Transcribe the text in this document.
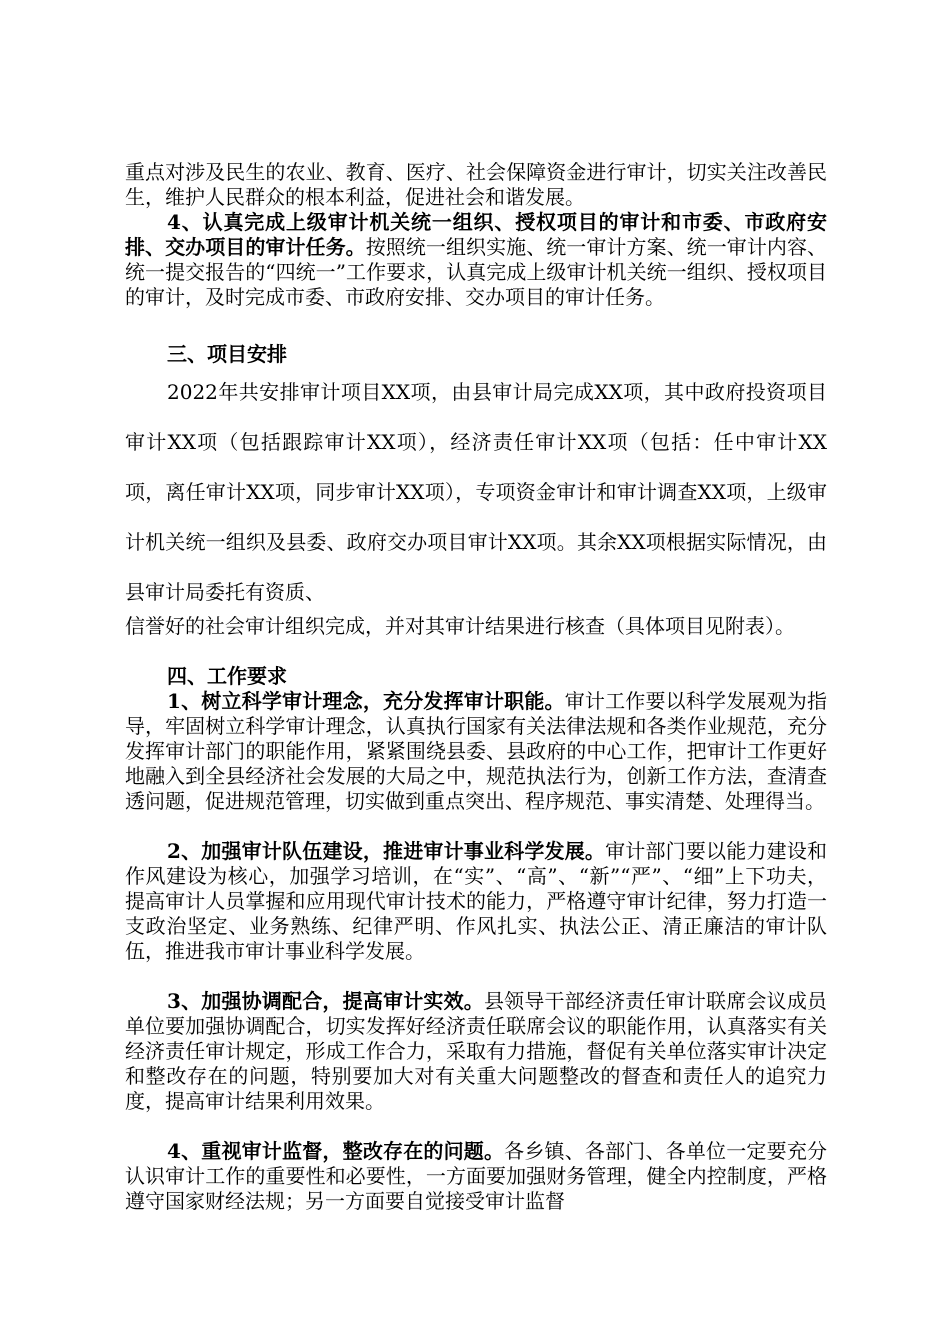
重点对涉及民生的农业、教育、医疗、社会保障资金进行审计，切实关注改善民生，维护人民群众的根本利益，促进社会和谐发展。

4、认真完成上级审计机关统一组织、授权项目的审计和市委、市政府安排、交办项目的审计任务。按照统一组织实施、统一审计方案、统一审计内容、统一提交报告的“四统一”工作要求，认真完成上级审计机关统一组织、授权项目的审计，及时完成市委、市政府安排、交办项目的审计任务。

三、项目安排

2022年共安排审计项目XX项，由县审计局完成XX项，其中政府投资项目审计XX项（包括跟踪审计XX项），经济责任审计XX项（包括：任中审计XX项，离任审计XX项，同步审计XX项），专项资金审计和审计调查XX项，上级审计机关统一组织及县委、政府交办项目审计XX项。其余XX项根据实际情况，由县审计局委托有资质、

信誉好的社会审计组织完成，并对其审计结果进行核查（具体项目见附表）。

四、工作要求

1、树立科学审计理念，充分发挥审计职能。审计工作要以科学发展观为指导，牢固树立科学审计理念，认真执行国家有关法律法规和各类作业规范，充分发挥审计部门的职能作用，紧紧围绕县委、县政府的中心工作，把审计工作更好地融入到全县经济社会发展的大局之中，规范执法行为，创新工作方法，查清查透问题，促进规范管理，切实做到重点突出、程序规范、事实清楚、处理得当。

2、加强审计队伍建设，推进审计事业科学发展。审计部门要以能力建设和作风建设为核心，加强学习培训，在“实”、“高”、“新”“严”、“细”上下功夫，提高审计人员掌握和应用现代审计技术的能力，严格遵守审计纪律，努力打造一支政治坚定、业务熟练、纪律严明、作风扎实、执法公正、清正廉洁的审计队伍，推进我市审计事业科学发展。

3、加强协调配合，提高审计实效。县领导干部经济责任审计联席会议成员单位要加强协调配合，切实发挥好经济责任联席会议的职能作用，认真落实有关经济责任审计规定，形成工作合力，采取有力措施，督促有关单位落实审计决定和整改存在的问题，特别要加大对有关重大问题整改的督查和责任人的追究力度，提高审计结果利用效果。

4、重视审计监督，整改存在的问题。各乡镇、各部门、各单位一定要充分认识审计工作的重要性和必要性，一方面要加强财务管理，健全内控制度，严格遵守国家财经法规；另一方面要自觉接受审计监督
